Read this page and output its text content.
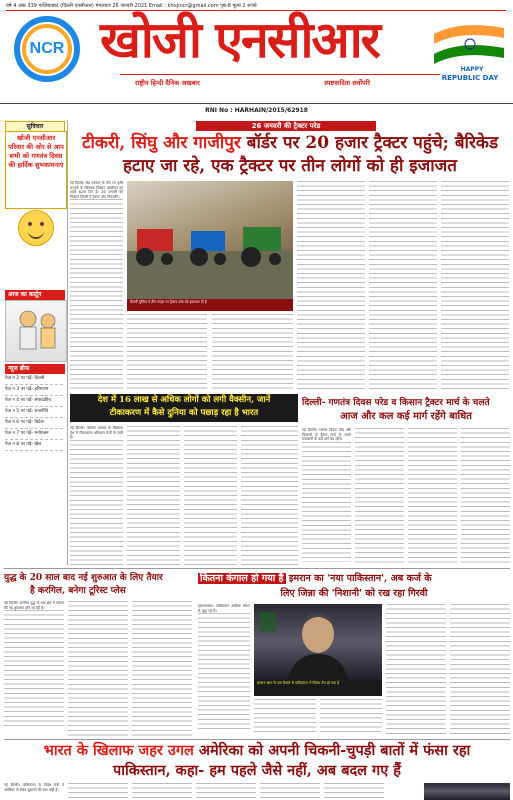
वर्ष 4 अंक 339 गाजियाबाद (दिल्ली एनसीआर) मंगलवार 26 जनवरी 2021 Email : khojincr@gmail.com पृष्ठ-8 मूल्य 2 रूपये
NCR खोजी एनसीआर
राष्ट्रीय हिन्दी दैनिक अखबार	स्पष्टवादिता सर्वोपरि
HAPPY
REPUBLIC DAY
RNI No : HARHAIN/2015/62918
सुविचार
खोजी एनसीआर परिवार की ओर से आप सभी को गणतंत्र दिवस की हार्दिक शुभकामनाएं
आज का कार्टून
न्यूज ब्रीफ
पेज न 2 पर पढ़ें- दिल्ली
पेज न 3 पर पढ़ें- हरियाणा
पेज न 4 पर पढ़ें- संपादकीय
पेज न 5 पर पढ़ें- राजनीति
पेज न 6 पर पढ़ें- विदेश
पेज न 7 पर पढ़ें- मनोरंजन
पेज न 8 पर पढ़ें- खेल
26 जनवरी की ट्रैक्टर परेड
टीकरी, सिंघु और गाजीपुर बॉर्डर पर 20 हजार ट्रैक्टर पहुंचे; बैरिकेड
हटाए जा रहे, एक ट्रैक्टर पर तीन लोगों को ही इजाजत
नई दिल्ली। केंद्र सरकार के तीन नए कृषि कानूनों के खिलाफ किसान आंदोलन का आज 62वां दिन है। 26 जनवरी को किसान दिल्ली में ट्रैक्टर परेड निकालेंगे।
दिल्ली पुलिस ने तीन रूट्स पर ट्रैक्टर परेड को इजाजत दी है
देश में 16 लाख से अधिक लोगों को लगी वैक्सीन, जानें
टीकाकरण में कैसे दुनिया को पछाड़ रहा है भारत
नई दिल्ली। कोरोना वायरस के खिलाफ देश में टीकाकरण अभियान तेजी से जारी है।
दिल्ली- गणतंत्र दिवस परेड व किसान ट्रैक्टर मार्च के चलते
आज और कल कई मार्ग रहेंगे बाधित
नई दिल्ली। गणतंत्र दिवस परेड और किसानों के ट्रैक्टर मार्च के चलते राजधानी के कई मार्ग बंद रहेंगे।
युद्ध के 20 साल बाद नई शुरुआत के लिए तैयार
है करगिल, बनेगा टूरिस्ट प्लेस
नई दिल्ली। करगिल युद्ध के बाद क्षेत्र में पर्यटन की नई शुरुआत होने जा रही है।
कितना कंगाल हो गया है इमरान का 'नया पाकिस्तान', अब कर्ज के
लिए जिन्ना की 'निशानी' को रख रहा गिरवी
इस्लामाबाद। पाकिस्तान आर्थिक संकट से जूझ रहा है।
इमरान खान के इस फैसले से पाकिस्तान में विरोध तेज हो गया है
भारत के खिलाफ जहर उगल अमेरिका को अपनी चिकनी-चुपड़ी बातों में फंसा रहा
पाकिस्तान, कहा- हम पहले जैसे नहीं, अब बदल गए हैं
नई दिल्ली। पाकिस्तान के विदेश मंत्री ने अमेरिका से संबंध सुधारने की बात कही है।
